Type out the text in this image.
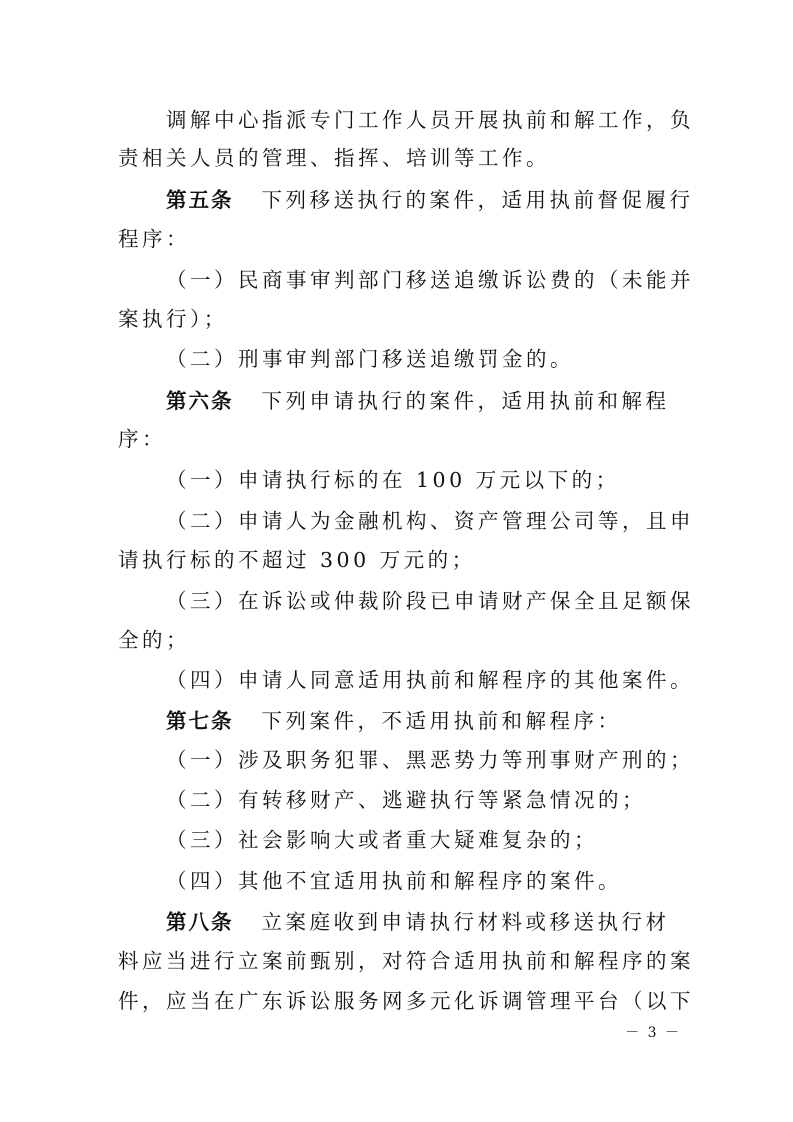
调解中心指派专门工作人员开展执前和解工作，负
责相关人员的管理、指挥、培训等工作。
第五条 下列移送执行的案件，适用执前督促履行
程序：
（一）民商事审判部门移送追缴诉讼费的（未能并
案执行）；
（二）刑事审判部门移送追缴罚金的。
第六条 下列申请执行的案件，适用执前和解程
序：
（一）申请执行标的在 100 万元以下的；
（二）申请人为金融机构、资产管理公司等，且申
请执行标的不超过 300 万元的；
（三）在诉讼或仲裁阶段已申请财产保全且足额保
全的；
（四）申请人同意适用执前和解程序的其他案件。
第七条 下列案件，不适用执前和解程序：
（一）涉及职务犯罪、黑恶势力等刑事财产刑的；
（二）有转移财产、逃避执行等紧急情况的；
（三）社会影响大或者重大疑难复杂的；
（四）其他不宜适用执前和解程序的案件。
第八条 立案庭收到申请执行材料或移送执行材
料应当进行立案前甄别，对符合适用执前和解程序的案
件，应当在广东诉讼服务网多元化诉调管理平台（以下
－ 3 －
